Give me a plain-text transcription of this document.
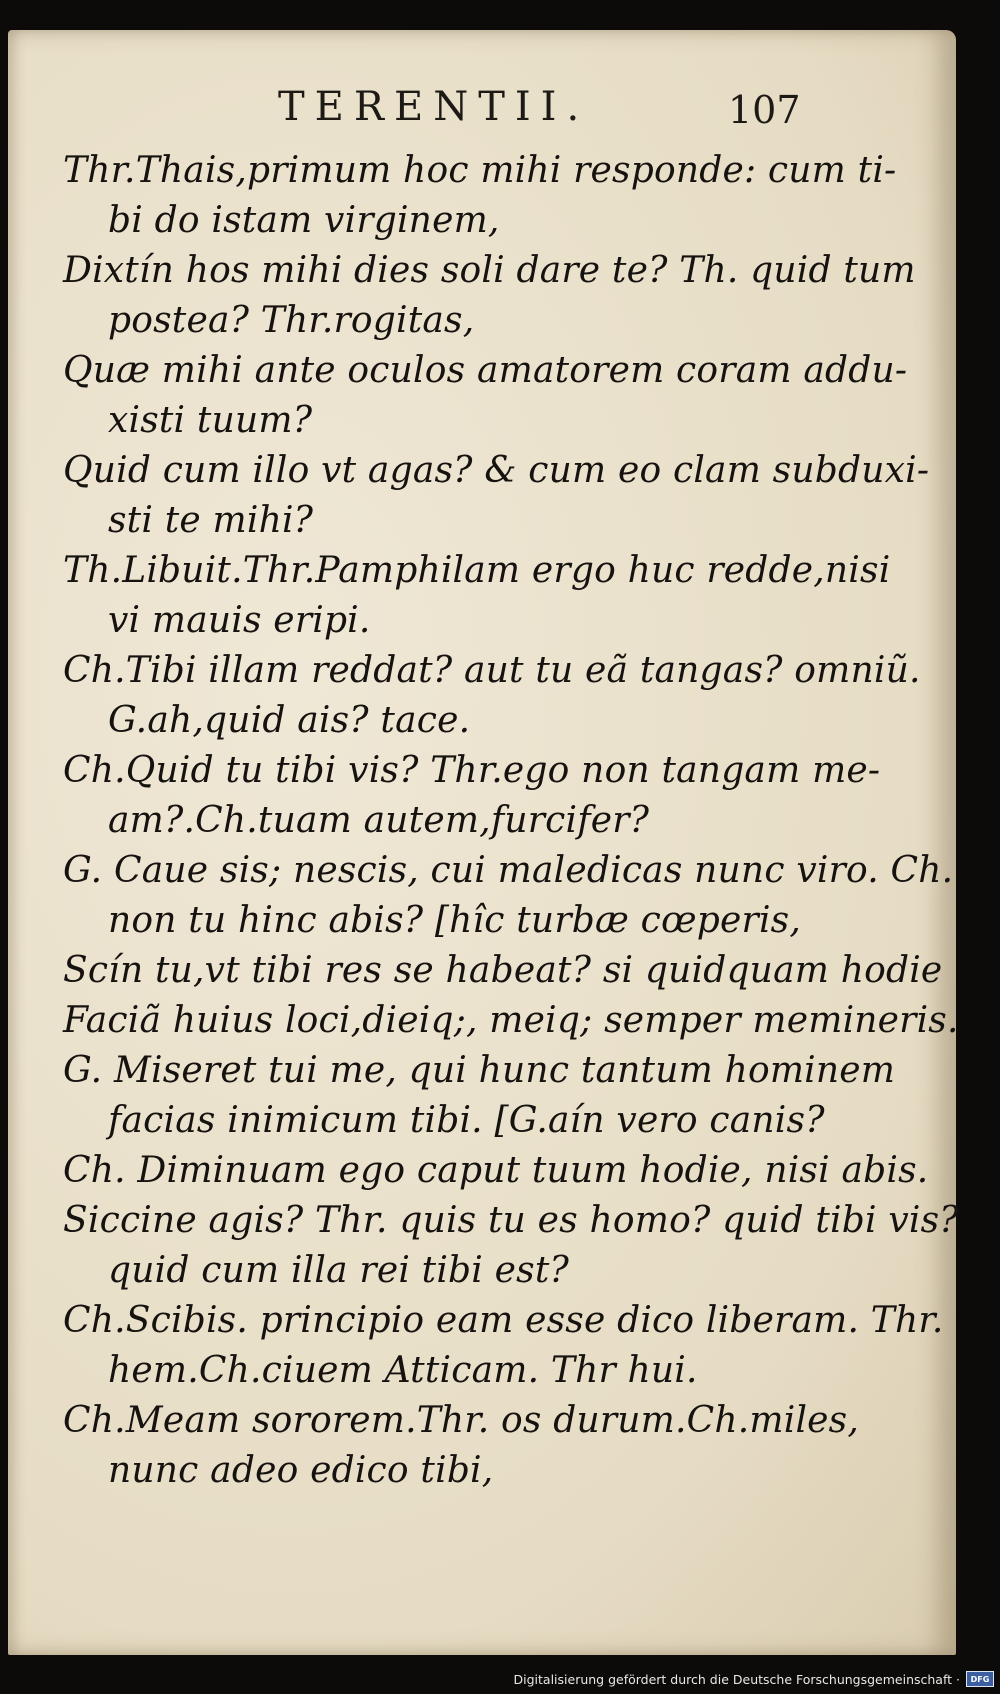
TERENTII.	107
Thr.Thais,primum hoc mihi responde: cum ti-
bi do istam virginem,
Dixtín hos mihi dies soli dare te? Th. quid tum
postea? Thr.rogitas,
Quæ mihi ante oculos amatorem coram addu-
xisti tuum?
Quid cum illo vt agas? & cum eo clam subduxi-
sti te mihi?
Th.Libuit.Thr.Pamphilam ergo huc redde,nisi
vi mauis eripi.
Ch.Tibi illam reddat? aut tu eã tangas? omniũ.
G.ah,quid ais? tace.
Ch.Quid tu tibi vis? Thr.ego non tangam me-
am?.Ch.tuam autem,furcifer?
G. Caue sis; nescis, cui maledicas nunc viro. Ch.
non tu hinc abis? [hîc turbæ cœperis,
Scín tu,vt tibi res se habeat? si quidquam hodie
Faciã huius loci,dieiq;, meiq; semper memineris.
G. Miseret tui me, qui hunc tantum hominem
facias inimicum tibi. [G.aín vero canis?
Ch. Diminuam ego caput tuum hodie, nisi abis.
Siccine agis? Thr. quis tu es homo? quid tibi vis?
quid cum illa rei tibi est?
Ch.Scibis. principio eam esse dico liberam. Thr.
hem.Ch.ciuem Atticam. Thr hui.
Ch.Meam sororem.Thr. os durum.Ch.miles,
nunc adeo edico tibi,
Digitalisierung gefördert durch die Deutsche Forschungsgemeinschaft ·	DFG
